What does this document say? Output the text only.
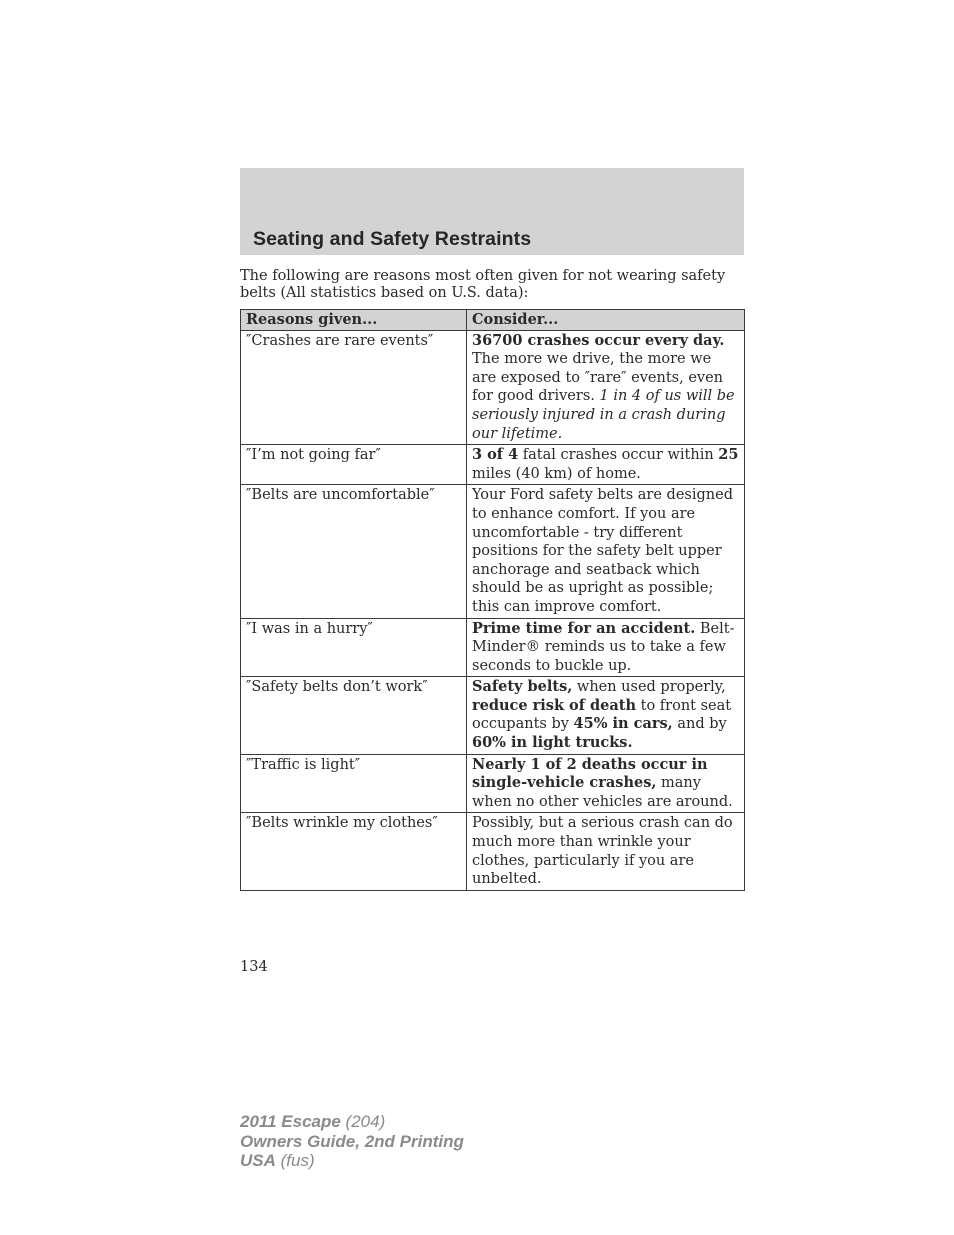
Seating and Safety Restraints

The following are reasons most often given for not wearing safety belts (All statistics based on U.S. data):

Reasons given...	Consider...
″Crashes are rare events″	36700 crashes occur every day. The more we drive, the more we are exposed to ″rare″ events, even for good drivers. 1 in 4 of us will be seriously injured in a crash during our lifetime.
″I’m not going far″	3 of 4 fatal crashes occur within 25 miles (40 km) of home.
″Belts are uncomfortable″	Your Ford safety belts are designed to enhance comfort. If you are uncomfortable - try different positions for the safety belt upper anchorage and seatback which should be as upright as possible; this can improve comfort.
″I was in a hurry″	Prime time for an accident. Belt-Minder® reminds us to take a few seconds to buckle up.
″Safety belts don’t work″	Safety belts, when used properly, reduce risk of death to front seat occupants by 45% in cars, and by 60% in light trucks.
″Traffic is light″	Nearly 1 of 2 deaths occur in single-vehicle crashes, many when no other vehicles are around.
″Belts wrinkle my clothes″	Possibly, but a serious crash can do much more than wrinkle your clothes, particularly if you are unbelted.
134
2011 Escape (204)
Owners Guide, 2nd Printing
USA (fus)
